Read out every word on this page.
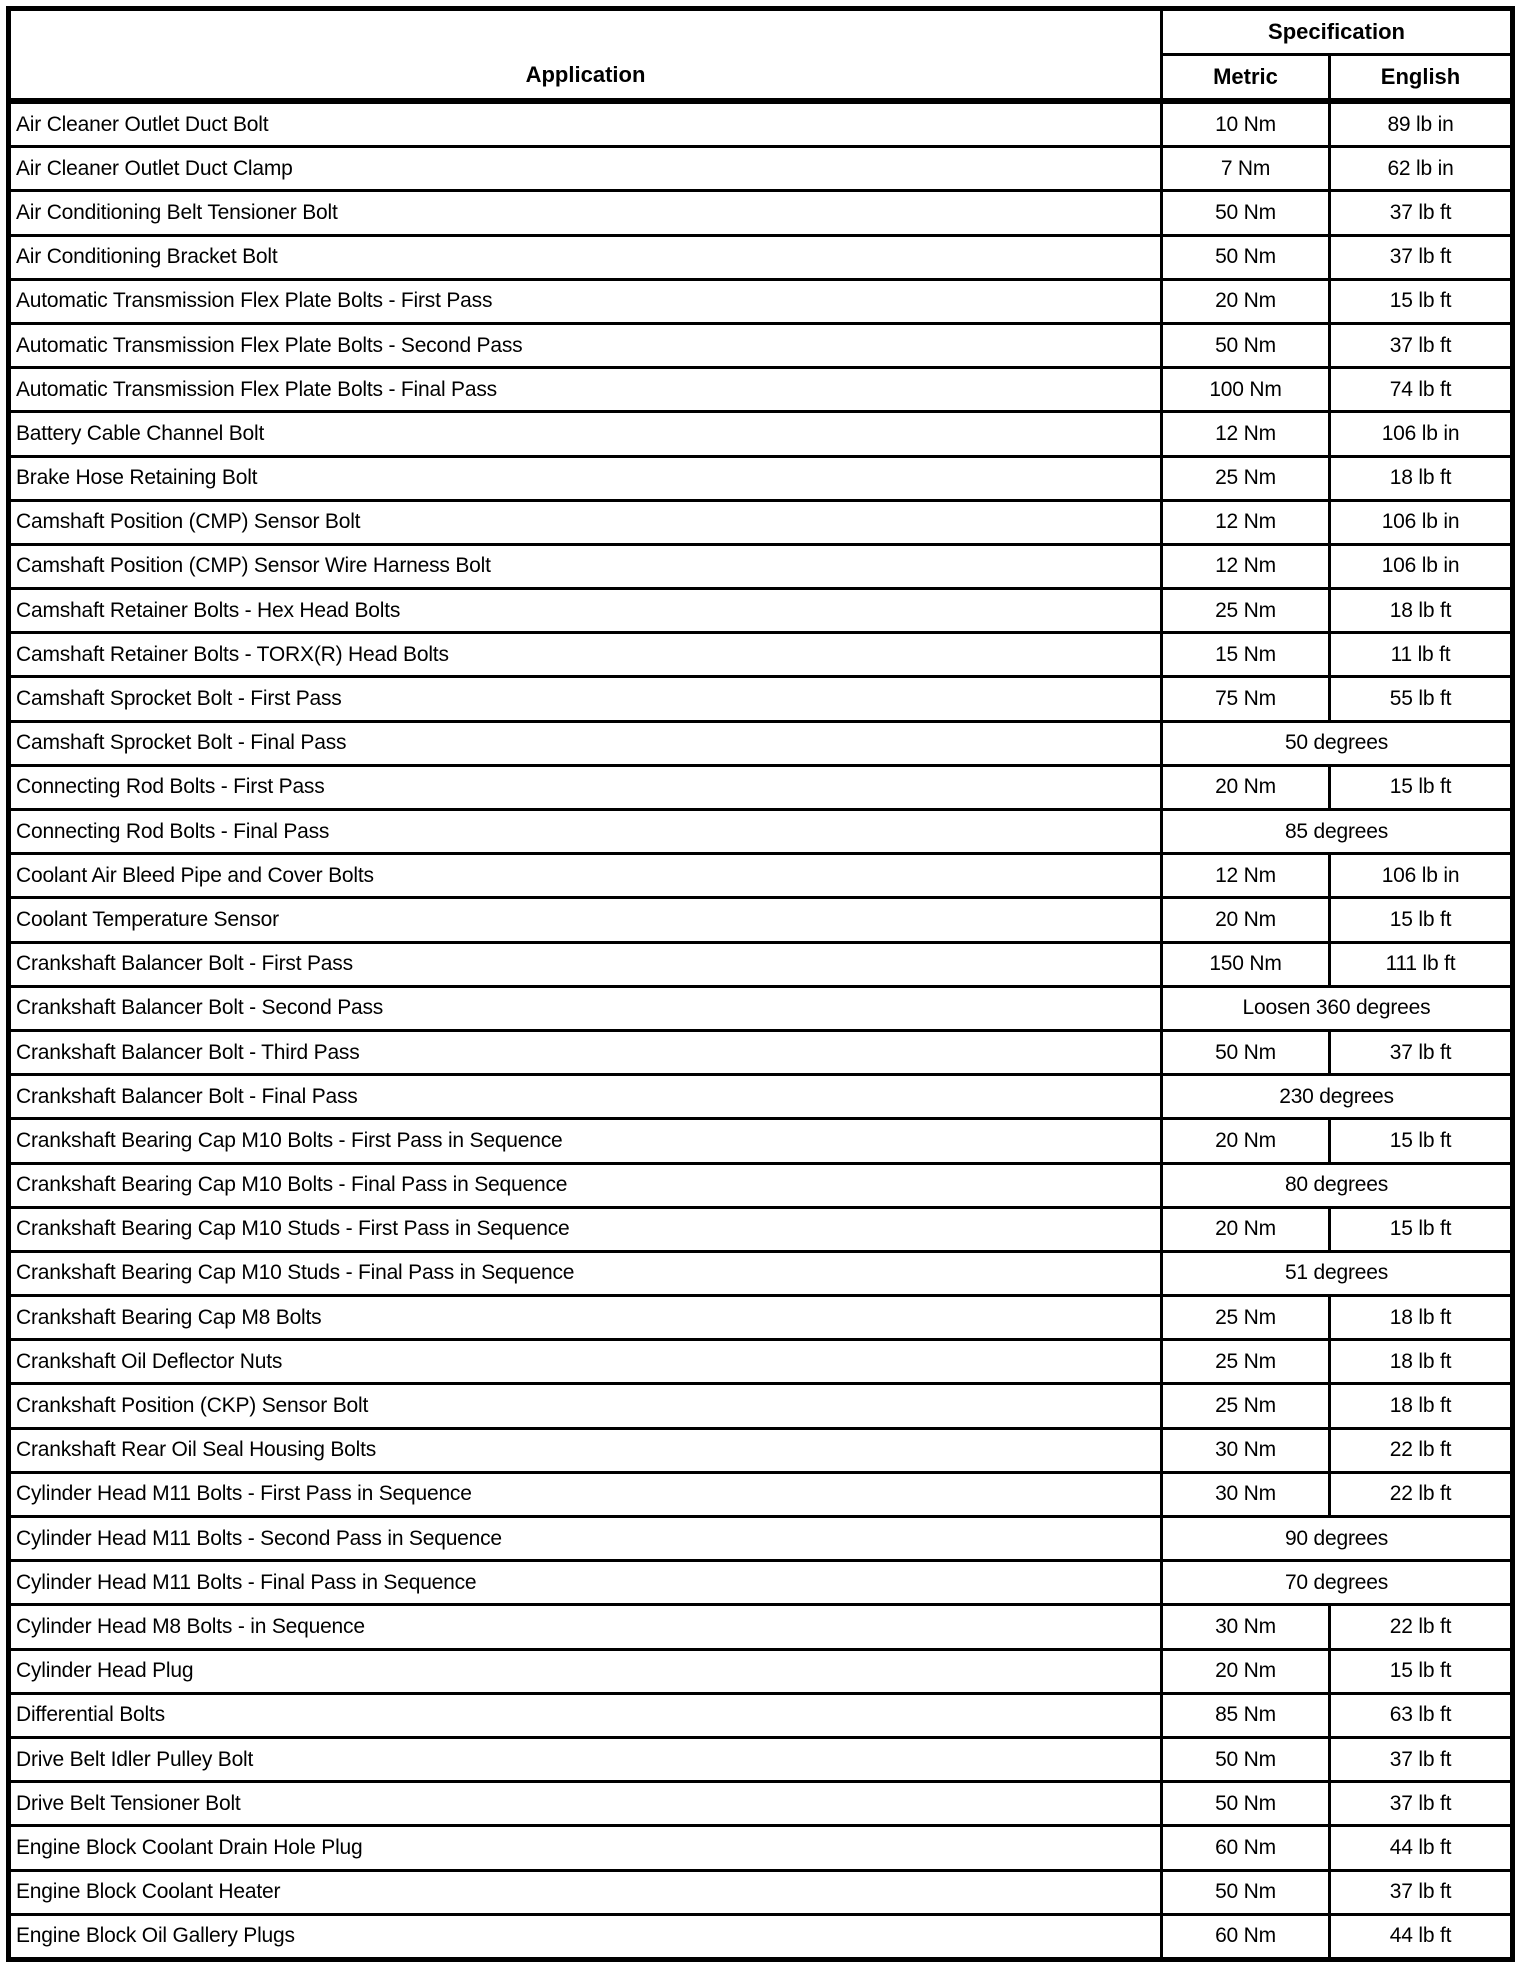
Application	Specification	
	Metric	English
Air Cleaner Outlet Duct Bolt	10 Nm	89 lb in
Air Cleaner Outlet Duct Clamp	7 Nm	62 lb in
Air Conditioning Belt Tensioner Bolt	50 Nm	37 lb ft
Air Conditioning Bracket Bolt	50 Nm	37 lb ft
Automatic Transmission Flex Plate Bolts - First Pass	20 Nm	15 lb ft
Automatic Transmission Flex Plate Bolts - Second Pass	50 Nm	37 lb ft
Automatic Transmission Flex Plate Bolts - Final Pass	100 Nm	74 lb ft
Battery Cable Channel Bolt	12 Nm	106 lb in
Brake Hose Retaining Bolt	25 Nm	18 lb ft
Camshaft Position (CMP) Sensor Bolt	12 Nm	106 lb in
Camshaft Position (CMP) Sensor Wire Harness Bolt	12 Nm	106 lb in
Camshaft Retainer Bolts - Hex Head Bolts	25 Nm	18 lb ft
Camshaft Retainer Bolts - TORX(R) Head Bolts	15 Nm	11 lb ft
Camshaft Sprocket Bolt - First Pass	75 Nm	55 lb ft
Camshaft Sprocket Bolt - Final Pass	50 degrees	
Connecting Rod Bolts - First Pass	20 Nm	15 lb ft
Connecting Rod Bolts - Final Pass	85 degrees	
Coolant Air Bleed Pipe and Cover Bolts	12 Nm	106 lb in
Coolant Temperature Sensor	20 Nm	15 lb ft
Crankshaft Balancer Bolt - First Pass	150 Nm	111 lb ft
Crankshaft Balancer Bolt - Second Pass	Loosen 360 degrees	
Crankshaft Balancer Bolt - Third Pass	50 Nm	37 lb ft
Crankshaft Balancer Bolt - Final Pass	230 degrees	
Crankshaft Bearing Cap M10 Bolts - First Pass in Sequence	20 Nm	15 lb ft
Crankshaft Bearing Cap M10 Bolts - Final Pass in Sequence	80 degrees	
Crankshaft Bearing Cap M10 Studs - First Pass in Sequence	20 Nm	15 lb ft
Crankshaft Bearing Cap M10 Studs - Final Pass in Sequence	51 degrees	
Crankshaft Bearing Cap M8 Bolts	25 Nm	18 lb ft
Crankshaft Oil Deflector Nuts	25 Nm	18 lb ft
Crankshaft Position (CKP) Sensor Bolt	25 Nm	18 lb ft
Crankshaft Rear Oil Seal Housing Bolts	30 Nm	22 lb ft
Cylinder Head M11 Bolts - First Pass in Sequence	30 Nm	22 lb ft
Cylinder Head M11 Bolts - Second Pass in Sequence	90 degrees	
Cylinder Head M11 Bolts - Final Pass in Sequence	70 degrees	
Cylinder Head M8 Bolts - in Sequence	30 Nm	22 lb ft
Cylinder Head Plug	20 Nm	15 lb ft
Differential Bolts	85 Nm	63 lb ft
Drive Belt Idler Pulley Bolt	50 Nm	37 lb ft
Drive Belt Tensioner Bolt	50 Nm	37 lb ft
Engine Block Coolant Drain Hole Plug	60 Nm	44 lb ft
Engine Block Coolant Heater	50 Nm	37 lb ft
Engine Block Oil Gallery Plugs	60 Nm	44 lb ft
